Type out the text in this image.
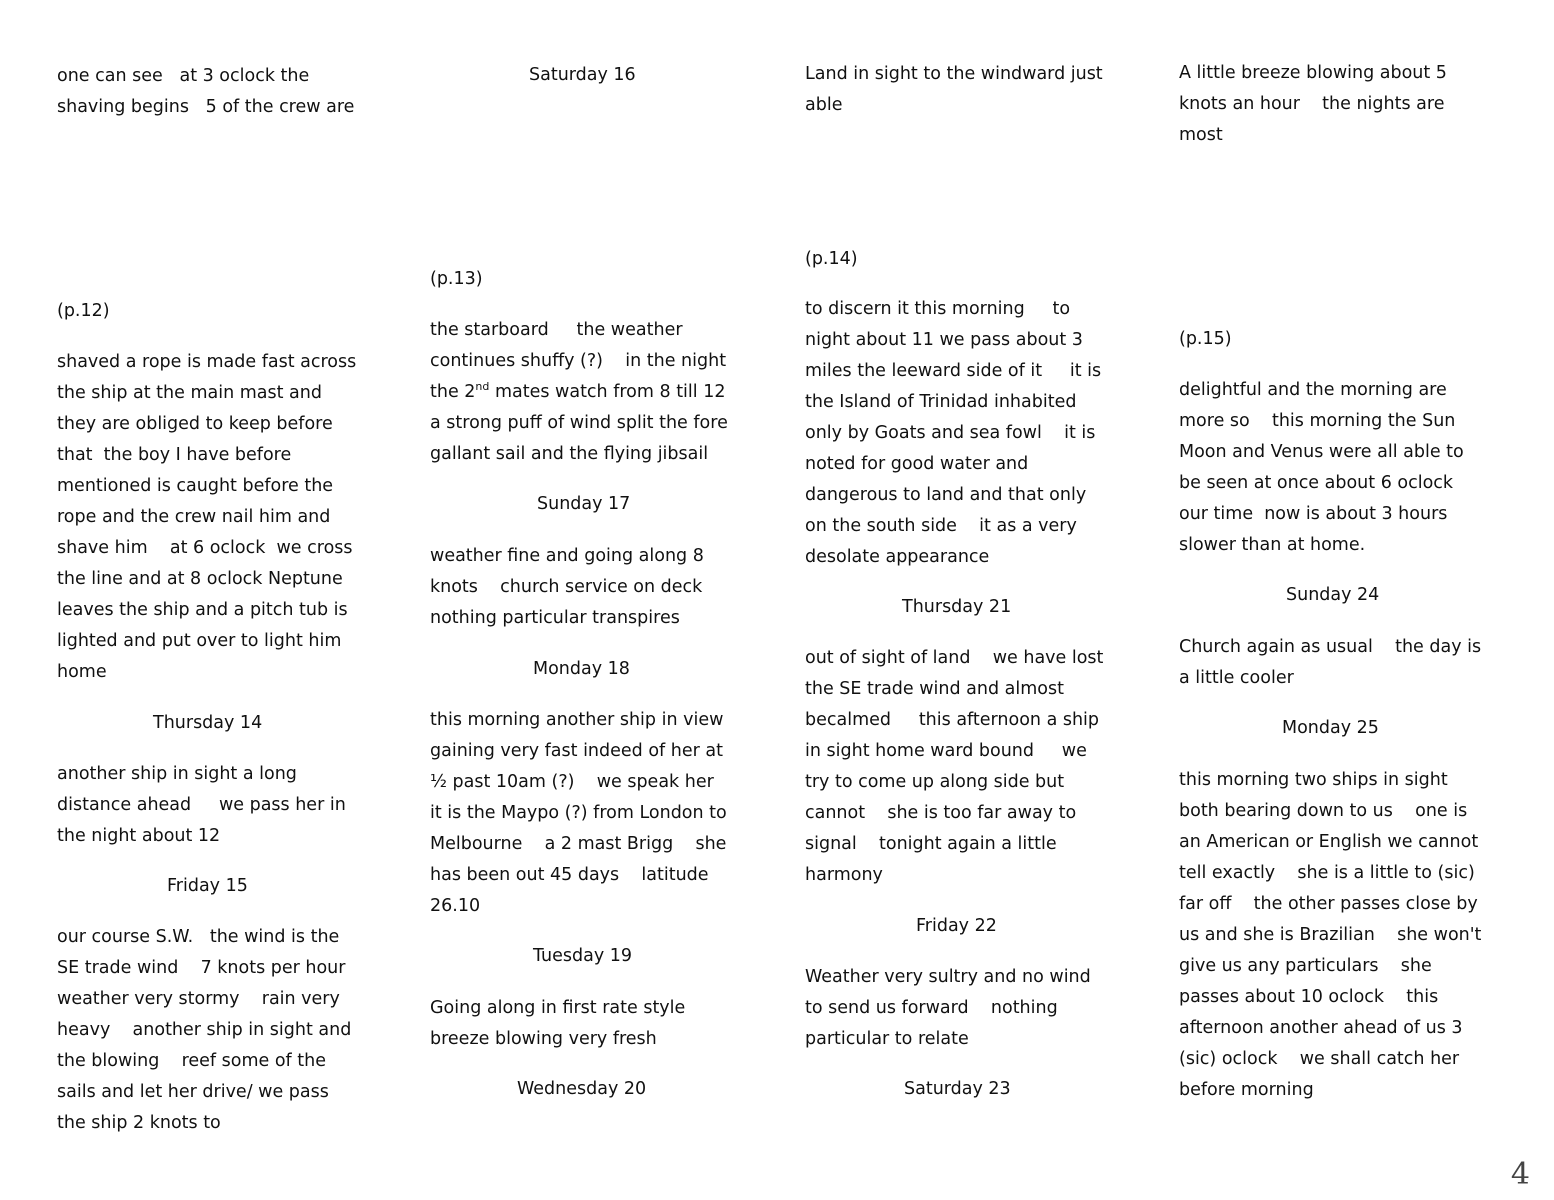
one can see   at 3 oclock the
shaving begins   5 of the crew are
(p.12)
shaved a rope is made fast across
the ship at the main mast and
they are obliged to keep before
that  the boy I have before
mentioned is caught before the
rope and the crew nail him and
shave him    at 6 oclock  we cross
the line and at 8 oclock Neptune
leaves the ship and a pitch tub is
lighted and put over to light him
home
Thursday 14
another ship in sight a long
distance ahead     we pass her in
the night about 12
Friday 15
our course S.W.   the wind is the
SE trade wind    7 knots per hour
weather very stormy    rain very
heavy    another ship in sight and
the blowing    reef some of the
sails and let her drive/ we pass
the ship 2 knots to
Saturday 16
(p.13)
the starboard     the weather
continues shuffy (?)    in the night
the 2nd mates watch from 8 till 12
a strong puff of wind split the fore
gallant sail and the flying jibsail
Sunday 17
weather fine and going along 8
knots    church service on deck
nothing particular transpires
Monday 18
this morning another ship in view
gaining very fast indeed of her at
½ past 10am (?)    we speak her
it is the Maypo (?) from London to
Melbourne    a 2 mast Brigg    she
has been out 45 days    latitude
26.10
Tuesday 19
Going along in first rate style
breeze blowing very fresh
Wednesday 20
Land in sight to the windward just
able
(p.14)
to discern it this morning     to
night about 11 we pass about 3
miles the leeward side of it     it is
the Island of Trinidad inhabited
only by Goats and sea fowl    it is
noted for good water and
dangerous to land and that only
on the south side    it as a very
desolate appearance
Thursday 21
out of sight of land    we have lost
the SE trade wind and almost
becalmed     this afternoon a ship
in sight home ward bound     we
try to come up along side but
cannot    she is too far away to
signal    tonight again a little
harmony
Friday 22
Weather very sultry and no wind
to send us forward    nothing
particular to relate
Saturday 23
A little breeze blowing about 5
knots an hour    the nights are
most
(p.15)
delightful and the morning are
more so    this morning the Sun
Moon and Venus were all able to
be seen at once about 6 oclock
our time  now is about 3 hours
slower than at home.
Sunday 24
Church again as usual    the day is
a little cooler
Monday 25
this morning two ships in sight
both bearing down to us    one is
an American or English we cannot
tell exactly    she is a little to (sic)
far off    the other passes close by
us and she is Brazilian    she won't
give us any particulars    she
passes about 10 oclock    this
afternoon another ahead of us 3
(sic) oclock    we shall catch her
before morning
4
